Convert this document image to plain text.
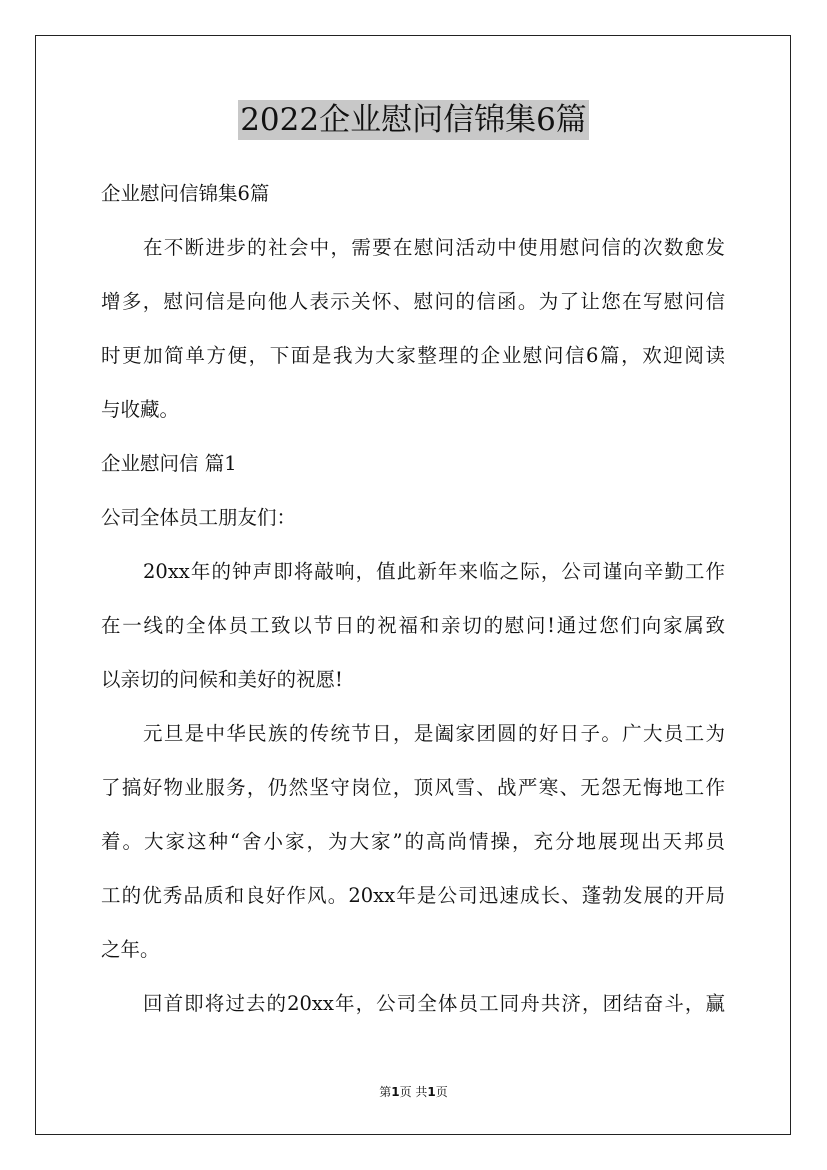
2022企业慰问信锦集6篇
企业慰问信锦集6篇
在不断进步的社会中，需要在慰问活动中使用慰问信的次数愈发
增多，慰问信是向他人表示关怀、慰问的信函。为了让您在写慰问信
时更加简单方便，下面是我为大家整理的企业慰问信6篇，欢迎阅读
与收藏。
企业慰问信 篇1
公司全体员工朋友们：
20xx年的钟声即将敲响，值此新年来临之际，公司谨向辛勤工作
在一线的全体员工致以节日的祝福和亲切的慰问!通过您们向家属致
以亲切的问候和美好的祝愿!
元旦是中华民族的传统节日，是阖家团圆的好日子。广大员工为
了搞好物业服务，仍然坚守岗位，顶风雪、战严寒、无怨无悔地工作
着。大家这种“舍小家，为大家”的高尚情操，充分地展现出天邦员
工的优秀品质和良好作风。20xx年是公司迅速成长、蓬勃发展的开局
之年。
回首即将过去的20xx年，公司全体员工同舟共济，团结奋斗，赢
第1页 共1页
